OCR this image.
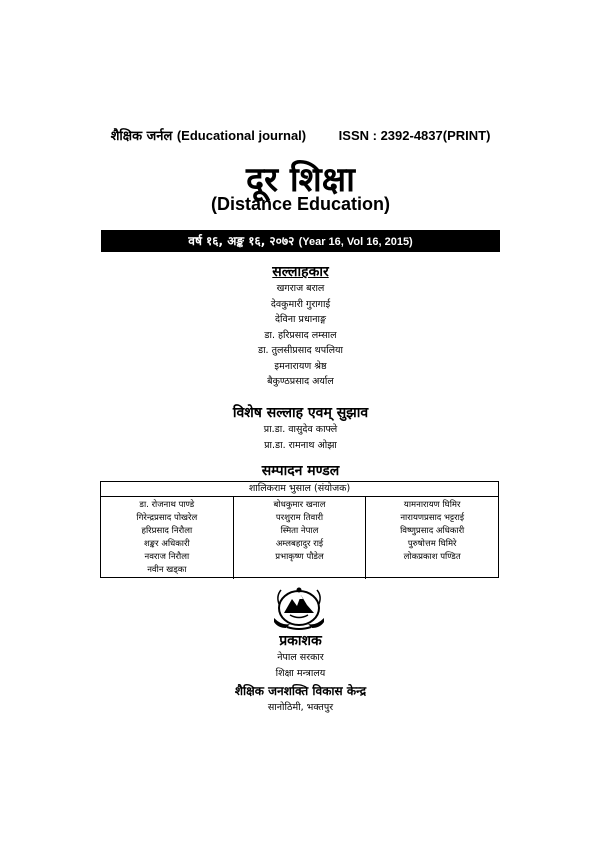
शैक्षिक जर्नल (Educational journal)	ISSN : 2392-4837(PRINT)
दूर शिक्षा
(Distance Education)
वर्ष १६, अङ्क १६, २०७२ (Year 16, Vol 16, 2015)
सल्लाहकार
खगराज बराल
देवकुमारी गुरागाई
देविना प्रधानाङ्ग
डा. हरिप्रसाद लम्साल
डा. तुलसीप्रसाद थपलिया
इमनारायण श्रेष्ठ
बैकुण्ठप्रसाद अर्याल
विशेष सल्लाह एवम् सुझाव
प्रा.डा. वासुदेव काफ्ले
प्रा.डा. रामनाथ ओझा
सम्पादन मण्डल
शालिकराम भुसाल (संयोजक)
डा. रोजनाथ पाण्डे
गिरेन्द्रप्रसाद पोखरेल
हरिप्रसाद निरौला
शङ्कर अधिकारी
नवराज निरौला
नवीन खड्का
बोधकुमार खनाल
परशुराम तिवारी
स्मिता नेपाल
अम्लबहादुर राई
प्रभाकृष्ण पौडेल
यामनारायण घिमिर
नारायणप्रसाद भट्टराई
विष्णुप्रसाद अधिकारी
पुरुषोत्तम घिमिरे
लोकप्रकाश पण्डित
प्रकाशक
नेपाल सरकार
शिक्षा मन्त्रालय
शैक्षिक जनशक्ति विकास केन्द्र
सानोठिमी, भक्तपुर
